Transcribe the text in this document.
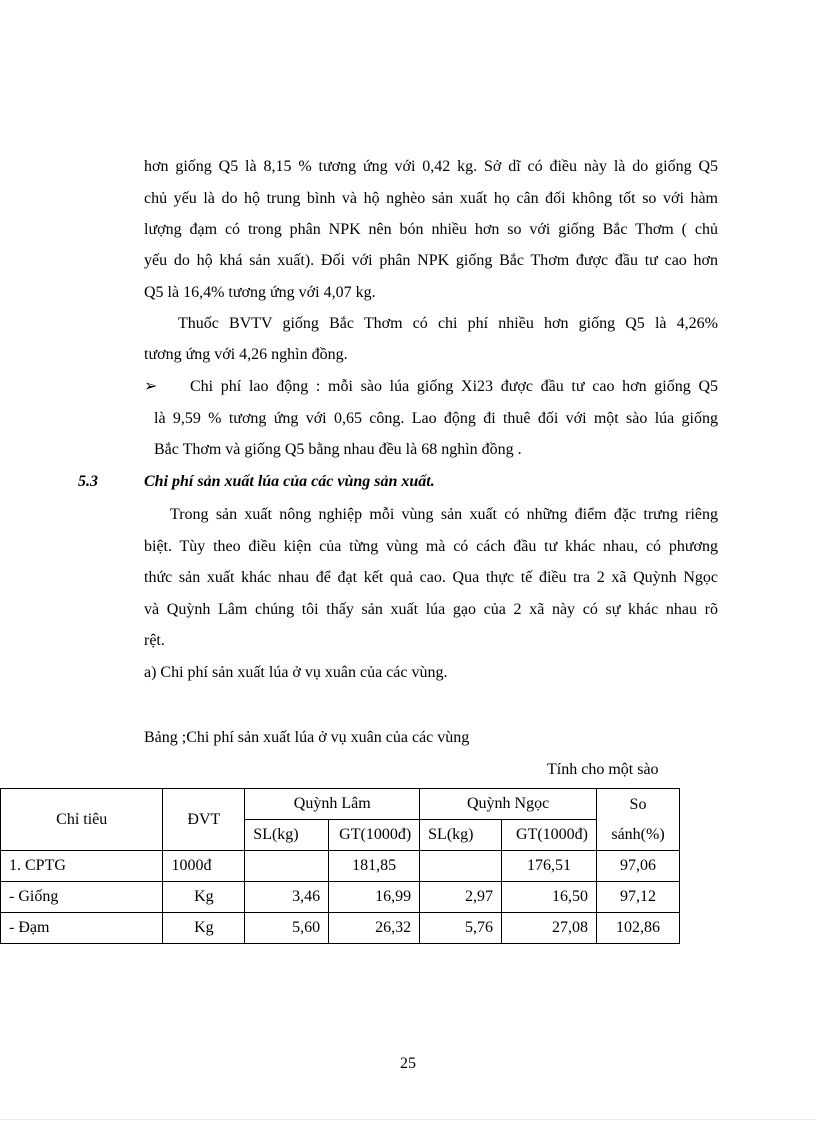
hơn giống Q5 là 8,15 % tương ứng với 0,42 kg. Sở dĩ có điều này là do giống Q5
chủ yếu là do hộ trung bình và hộ nghèo sản xuất họ cân đối không tốt so với hàm
lượng đạm có trong phân NPK nên bón nhiều hơn so với giống Bắc Thơm ( chủ
yếu do hộ khá sản xuất). Đối với phân NPK giống Bắc Thơm được đầu tư cao hơn
Q5 là 16,4% tương ứng với 4,07 kg.
Thuốc BVTV giống Bắc Thơm có chi phí nhiều hơn giống Q5 là 4,26%
tương ứng với 4,26 nghìn đồng.
➢ Chi phí lao động : mỗi sào lúa giống Xi23 được đầu tư cao hơn giống Q5
là 9,59 % tương ứng với 0,65 công. Lao động đi thuê đối với một sào lúa giống
Bắc Thơm và giống Q5 bằng nhau đều là 68 nghìn đồng .
5.3	Chi phí sản xuất lúa của các vùng sản xuất.
Trong sản xuất nông nghiệp mỗi vùng sản xuất có những điểm đặc trưng riêng
biệt. Tùy theo điều kiện của từng vùng mà có cách đầu tư khác nhau, có phương
thức sản xuất khác nhau để đạt kết quả cao. Qua thực tế điều tra 2 xã Quỳnh Ngọc
và Quỳnh Lâm chúng tôi thấy sản xuất lúa gạo của 2 xã này có sự khác nhau rõ
rệt.
a) Chi phí sản xuất lúa ở vụ xuân của các vùng.
Bảng ;Chi phí sản xuất lúa ở vụ xuân của các vùng
Tính cho một sào
Chỉ tiêu	ĐVT	Quỳnh Lâm		Quỳnh Ngọc		So sánh(%)
		SL(kg)	GT(1000đ)	SL(kg)	GT(1000đ)	
1. CPTG	1000đ		181,85		176,51	97,06
- Giống	Kg	3,46	16,99	2,97	16,50	97,12
- Đạm	Kg	5,60	26,32	5,76	27,08	102,86
25
